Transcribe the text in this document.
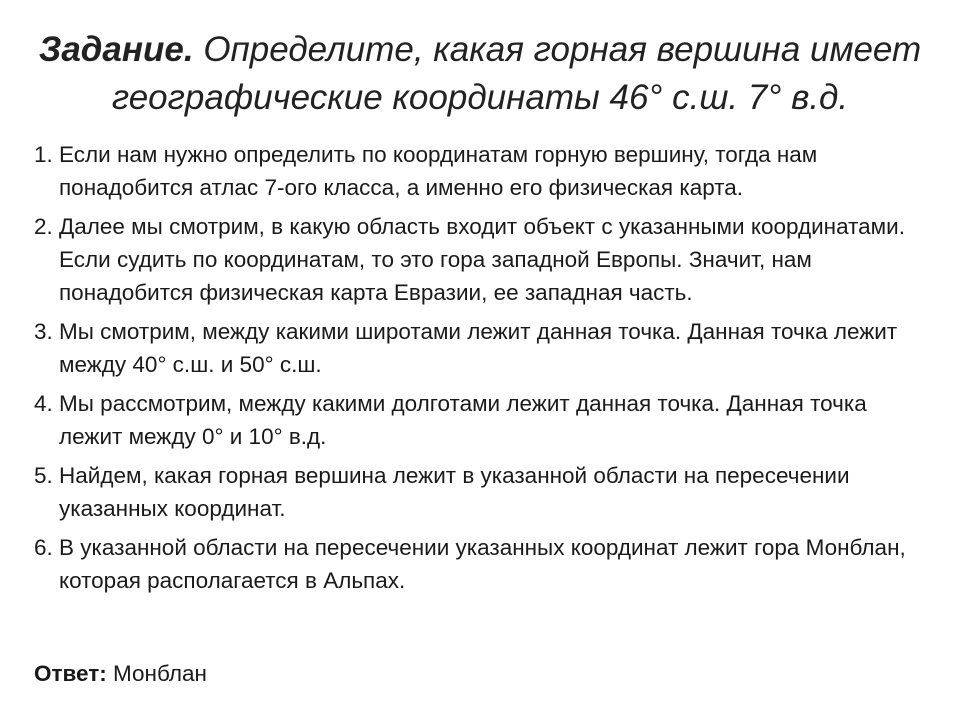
Задание. Определите, какая горная вершина имеет географические координаты 46° с.ш. 7° в.д.
1. Если нам нужно определить по координатам горную вершину, тогда нам понадобится атлас 7-ого класса, а именно его физическая карта.
2. Далее мы смотрим, в какую область входит объект с указанными координатами. Если судить по координатам, то это гора западной Европы. Значит, нам понадобится физическая карта Евразии, ее западная часть.
3. Мы смотрим, между какими широтами лежит данная точка. Данная точка лежит между 40° с.ш. и 50° с.ш.
4. Мы рассмотрим, между какими долготами лежит данная точка. Данная точка лежит между 0° и 10° в.д.
5. Найдем, какая горная вершина лежит в указанной области на пересечении указанных координат.
6. В указанной области на пересечении указанных координат лежит гора Монблан, которая располагается в Альпах.
Ответ: Монблан
